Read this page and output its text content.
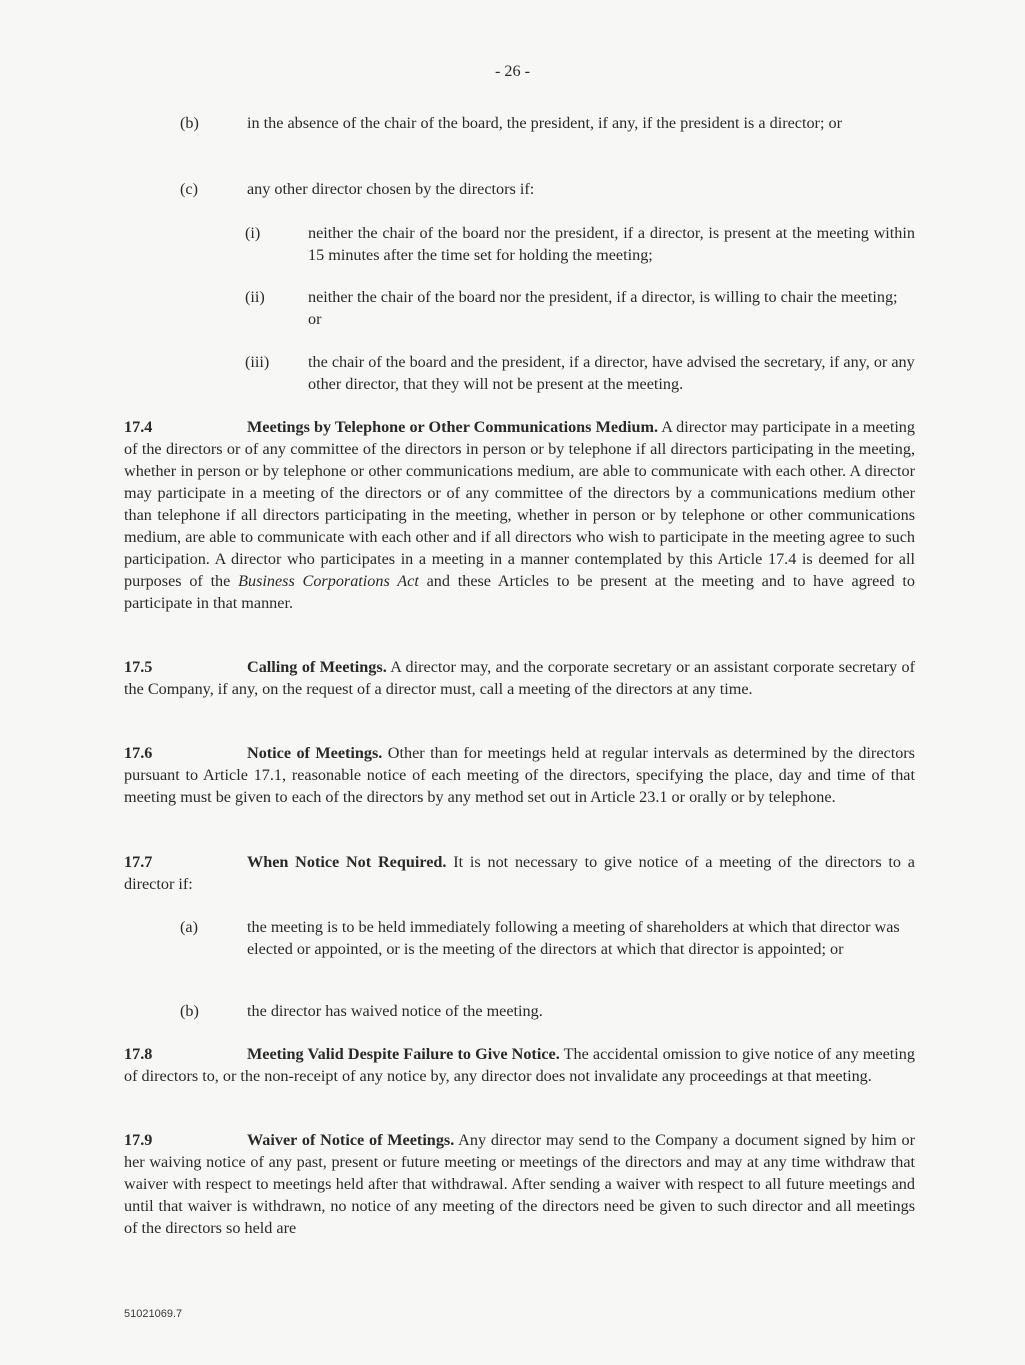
- 26 -
(b)	in the absence of the chair of the board, the president, if any, if the president is a director; or
(c)	any other director chosen by the directors if:
(i)	neither the chair of the board nor the president, if a director, is present at the meeting within 15 minutes after the time set for holding the meeting;
(ii)	neither the chair of the board nor the president, if a director, is willing to chair the meeting; or
(iii) the chair of the board and the president, if a director, have advised the secretary, if any, or any other director, that they will not be present at the meeting.
17.4	Meetings by Telephone or Other Communications Medium. A director may participate in a meeting of the directors or of any committee of the directors in person or by telephone if all directors participating in the meeting, whether in person or by telephone or other communications medium, are able to communicate with each other. A director may participate in a meeting of the directors or of any committee of the directors by a communications medium other than telephone if all directors participating in the meeting, whether in person or by telephone or other communications medium, are able to communicate with each other and if all directors who wish to participate in the meeting agree to such participation. A director who participates in a meeting in a manner contemplated by this Article 17.4 is deemed for all purposes of the Business Corporations Act and these Articles to be present at the meeting and to have agreed to participate in that manner.
17.5	Calling of Meetings. A director may, and the corporate secretary or an assistant corporate secretary of the Company, if any, on the request of a director must, call a meeting of the directors at any time.
17.6	Notice of Meetings. Other than for meetings held at regular intervals as determined by the directors pursuant to Article 17.1, reasonable notice of each meeting of the directors, specifying the place, day and time of that meeting must be given to each of the directors by any method set out in Article 23.1 or orally or by telephone.
17.7	When Notice Not Required. It is not necessary to give notice of a meeting of the directors to a director if:
(a)	the meeting is to be held immediately following a meeting of shareholders at which that director was elected or appointed, or is the meeting of the directors at which that director is appointed; or
(b)	the director has waived notice of the meeting.
17.8	Meeting Valid Despite Failure to Give Notice. The accidental omission to give notice of any meeting of directors to, or the non-receipt of any notice by, any director does not invalidate any proceedings at that meeting.
17.9	Waiver of Notice of Meetings. Any director may send to the Company a document signed by him or her waiving notice of any past, present or future meeting or meetings of the directors and may at any time withdraw that waiver with respect to meetings held after that withdrawal. After sending a waiver with respect to all future meetings and until that waiver is withdrawn, no notice of any meeting of the directors need be given to such director and all meetings of the directors so held are
51021069.7
